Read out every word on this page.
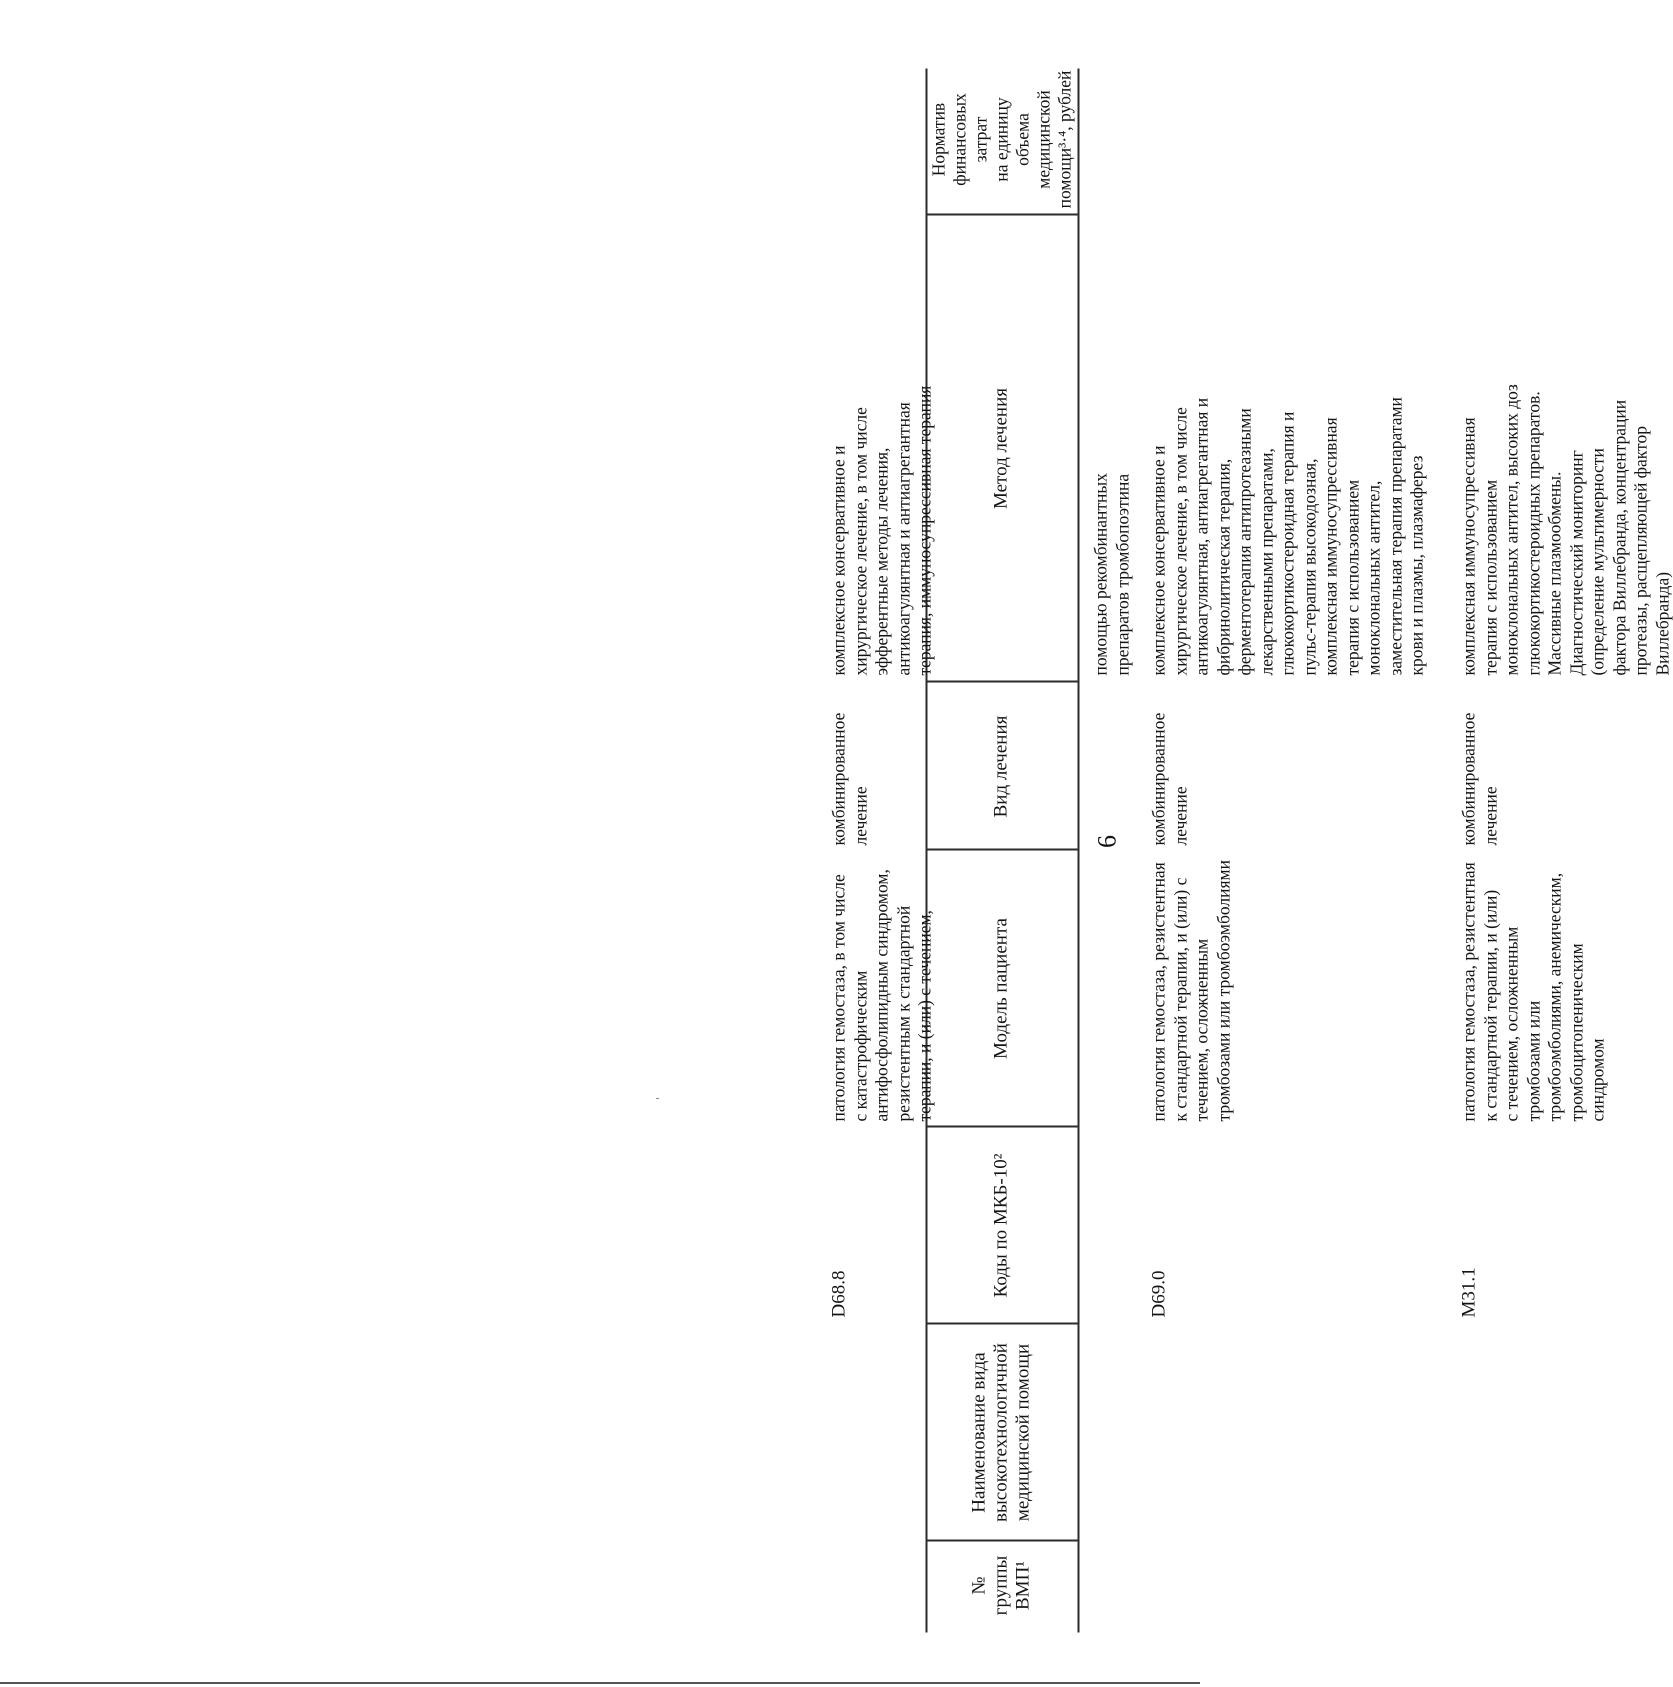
6
№
группы
ВМП¹
Наименование вида
высокотехнологичной
медицинской помощи
Коды по МКБ-10²
Модель пациента
Вид лечения
Метод лечения
Норматив
финансовых затрат
на единицу объема
медицинской
помощи³·⁴, рублей
помощью рекомбинантных
препаратов тромбопоэтина
D69.0
патология гемостаза, резистентная
к стандартной терапии, и (или) с
течением, осложненным
тромбозами или тромбоэмболиями
комбинированное
лечение
комплексное консервативное и
хирургическое лечение, в том числе
антикоагулянтная, антиагрегантная и
фибринолитическая терапия,
ферментотерапия антипротеазными
лекарственными препаратами,
глюкокортикостероидная терапия и
пульс-терапия высокодозная,
комплексная иммуносупрессивная
терапия с использованием
моноклональных антител,
заместительная терапия препаратами
крови и плазмы, плазмаферез
M31.1
патология гемостаза, резистентная
к стандартной терапии, и (или)
с течением, осложненным
тромбозами или
тромбоэмболиями, анемическим,
тромбоцитопеническим
синдромом
комбинированное
лечение
комплексная иммуносупрессивная
терапия с использованием
моноклональных антител, высоких доз
глюкокортикостероидных препаратов.
Массивные плазмообмены.
Диагностический мониторинг
(определение мультимерности
фактора Виллебранда, концентрации
протеазы, расщепляющей фактор
Виллебранда)
D68.8
патология гемостаза, в том числе
с катастрофическим
антифосфолипидным синдромом,
резистентным к стандартной
терапии, и (или) с течением,
комбинированное
лечение
комплексное консервативное и
хирургическое лечение, в том числе
эфферентные методы лечения,
антикоагулянтная и антиагрегантная
терапия, иммуносупрессивная терапия
